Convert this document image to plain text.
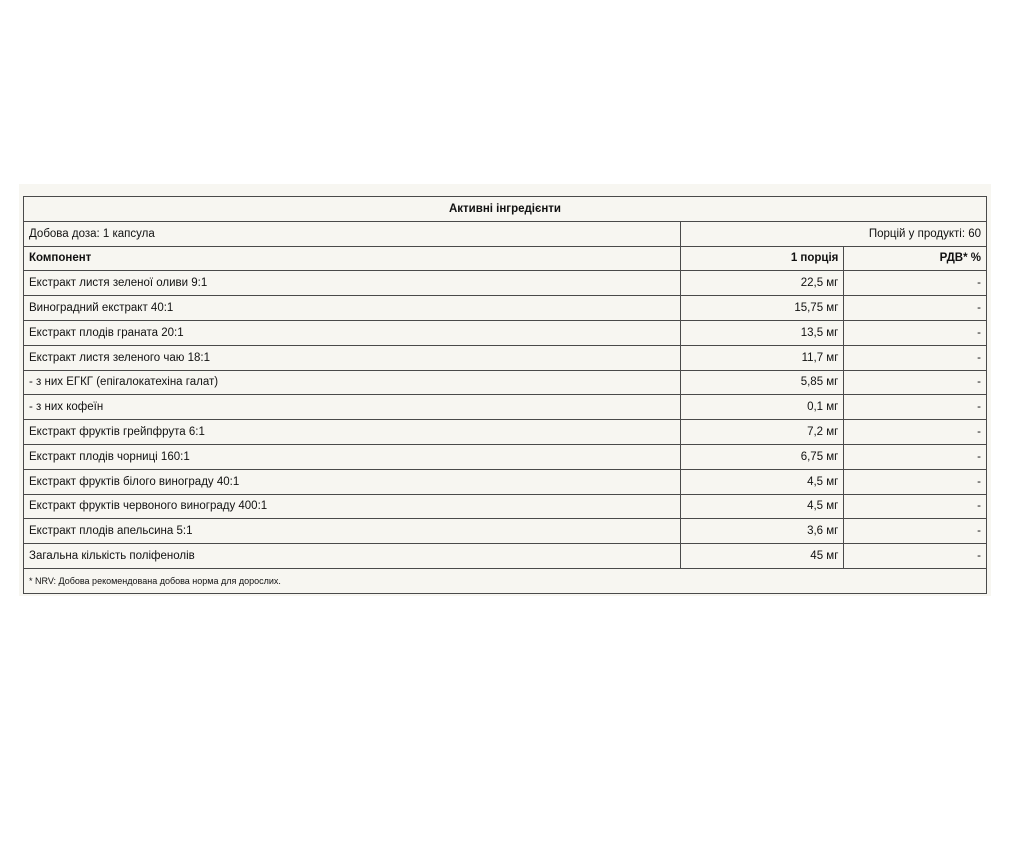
Активні інгредієнти		
Добова доза: 1 капсула	Порцій у продукті: 60	
Компонент	1 порція	РДВ* %
Екстракт листя зеленої оливи 9:1	22,5 мг	-
Виноградний екстракт 40:1	15,75 мг	-
Екстракт плодів граната 20:1	13,5 мг	-
Екстракт листя зеленого чаю 18:1	11,7 мг	-
- з них ЕГКГ (епігалокатехіна галат)	5,85 мг	-
- з них кофеїн	0,1 мг	-
Екстракт фруктів грейпфрута 6:1	7,2 мг	-
Екстракт плодів чорниці 160:1	6,75 мг	-
Екстракт фруктів білого винограду 40:1	4,5 мг	-
Екстракт фруктів червоного винограду 400:1	4,5 мг	-
Екстракт плодів апельсина 5:1	3,6 мг	-
Загальна кількість поліфенолів	45 мг	-
* NRV: Добова рекомендована добова норма для дорослих.		
